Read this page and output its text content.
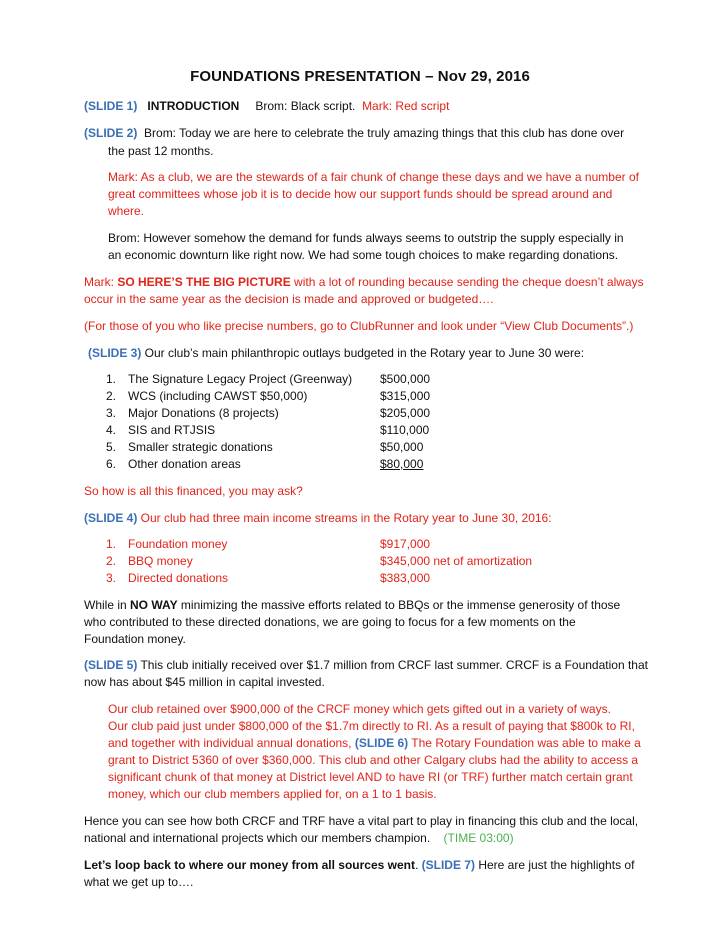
FOUNDATIONS PRESENTATION – Nov 29, 2016
(SLIDE 1) INTRODUCTION Brom: Black script. Mark: Red script
(SLIDE 2) Brom: Today we are here to celebrate the truly amazing things that this club has done over
the past 12 months.
Mark: As a club, we are the stewards of a fair chunk of change these days and we have a number of
great committees whose job it is to decide how our support funds should be spread around and
where.
Brom: However somehow the demand for funds always seems to outstrip the supply especially in
an economic downturn like right now. We had some tough choices to make regarding donations.
Mark: SO HERE’S THE BIG PICTURE with a lot of rounding because sending the cheque doesn’t always
occur in the same year as the decision is made and approved or budgeted….
(For those of you who like precise numbers, go to ClubRunner and look under “View Club Documents”.)
(SLIDE 3) Our club’s main philanthropic outlays budgeted in the Rotary year to June 30 were:
1. The Signature Legacy Project (Greenway) $500,000
2. WCS (including CAWST $50,000)	$315,000
3. Major Donations (8 projects)	$205,000
4. SIS and RTJSIS	$110,000
5. Smaller strategic donations	$50,000
6. Other donation areas	$80,000
So how is all this financed, you may ask?
(SLIDE 4) Our club had three main income streams in the Rotary year to June 30, 2016:
1. Foundation money	$917,000
2. BBQ money	$345,000 net of amortization
3. Directed donations	$383,000
While in NO WAY minimizing the massive efforts related to BBQs or the immense generosity of those
who contributed to these directed donations, we are going to focus for a few moments on the
Foundation money.
(SLIDE 5) This club initially received over $1.7 million from CRCF last summer. CRCF is a Foundation that
now has about $45 million in capital invested.
Our club retained over $900,000 of the CRCF money which gets gifted out in a variety of ways.
Our club paid just under $800,000 of the $1.7m directly to RI. As a result of paying that $800k to RI,
and together with individual annual donations, (SLIDE 6) The Rotary Foundation was able to make a
grant to District 5360 of over $360,000. This club and other Calgary clubs had the ability to access a
significant chunk of that money at District level AND to have RI (or TRF) further match certain grant
money, which our club members applied for, on a 1 to 1 basis.
Hence you can see how both CRCF and TRF have a vital part to play in financing this club and the local,
national and international projects which our members champion. (TIME 03:00)
Let’s loop back to where our money from all sources went. (SLIDE 7) Here are just the highlights of
what we get up to….
